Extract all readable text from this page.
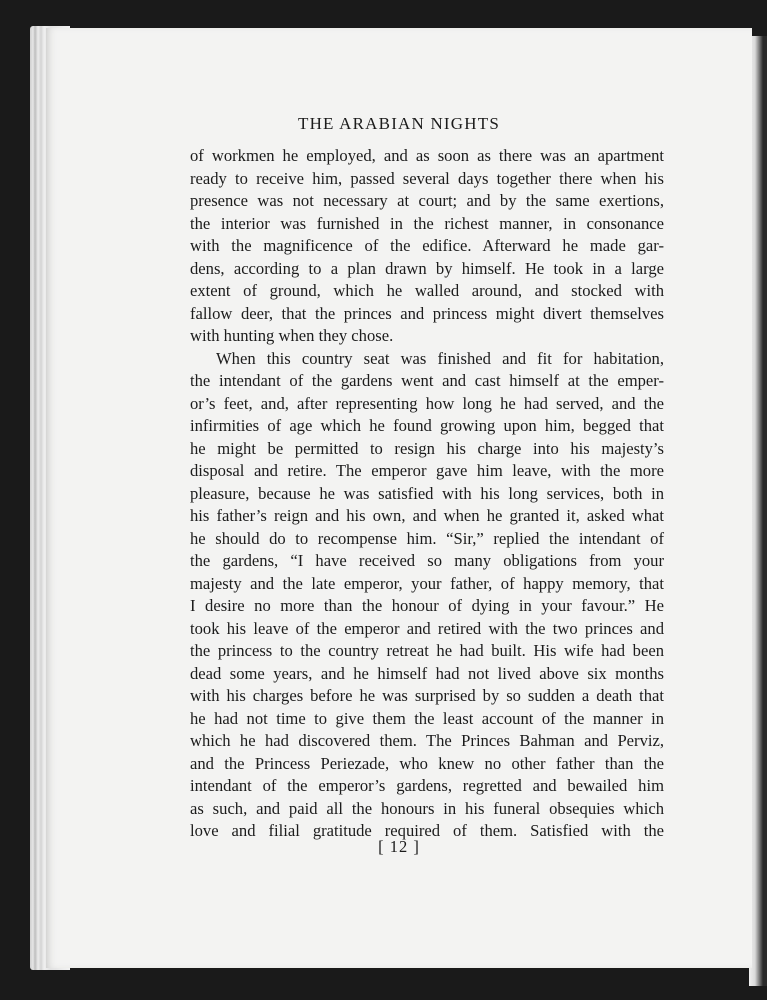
THE ARABIAN NIGHTS
of workmen he employed, and as soon as there was an apartment
ready to receive him, passed several days together there when his
presence was not necessary at court; and by the same exertions,
the interior was furnished in the richest manner, in consonance
with the magnificence of the edifice. Afterward he made gar-
dens, according to a plan drawn by himself. He took in a large
extent of ground, which he walled around, and stocked with
fallow deer, that the princes and princess might divert themselves
with hunting when they chose.
When this country seat was finished and fit for habitation,
the intendant of the gardens went and cast himself at the emper-
or’s feet, and, after representing how long he had served, and the
infirmities of age which he found growing upon him, begged that
he might be permitted to resign his charge into his majesty’s
disposal and retire. The emperor gave him leave, with the more
pleasure, because he was satisfied with his long services, both in
his father’s reign and his own, and when he granted it, asked what
he should do to recompense him. “Sir,” replied the intendant of
the gardens, “I have received so many obligations from your
majesty and the late emperor, your father, of happy memory, that
I desire no more than the honour of dying in your favour.” He
took his leave of the emperor and retired with the two princes and
the princess to the country retreat he had built. His wife had been
dead some years, and he himself had not lived above six months
with his charges before he was surprised by so sudden a death that
he had not time to give them the least account of the manner in
which he had discovered them. The Princes Bahman and Perviz,
and the Princess Periezade, who knew no other father than the
intendant of the emperor’s gardens, regretted and bewailed him
as such, and paid all the honours in his funeral obsequies which
love and filial gratitude required of them. Satisfied with the
[ 12 ]
